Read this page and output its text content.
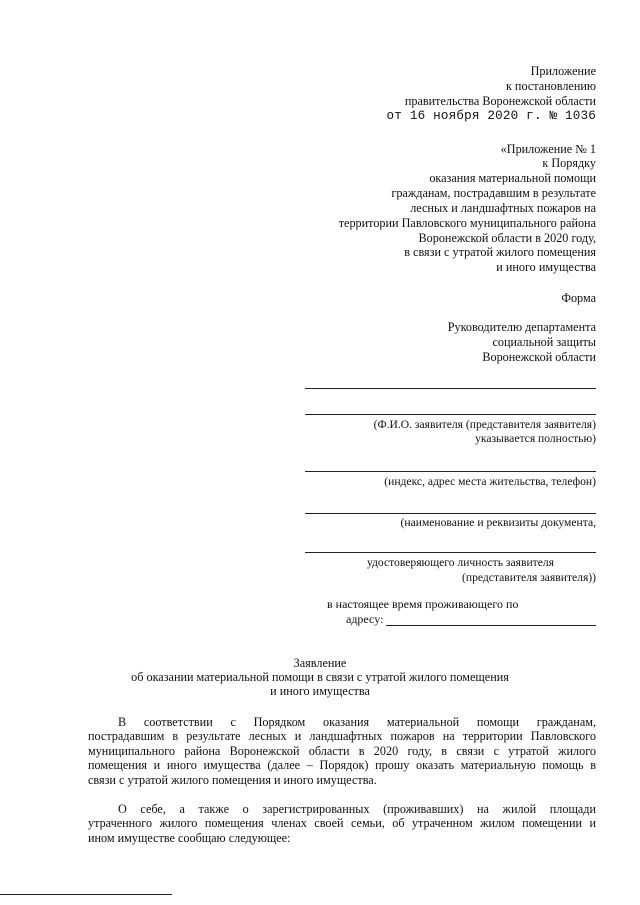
Приложение
к постановлению
правительства Воронежской области
от 16 ноября 2020 г. № 1036
«Приложение № 1
к Порядку
оказания материальной помощи
гражданам, пострадавшим в результате
лесных и ландшафтных пожаров на
территории Павловского муниципального района
Воронежской области в 2020 году,
в связи с утратой жилого помещения
и иного имущества
Форма
Руководителю департамента
социальной защиты
Воронежской области
(Ф.И.О. заявителя (представителя заявителя)
указывается полностью)
(индекс, адрес места жительства, телефон)
(наименование и реквизиты документа,
удостоверяющего личность заявителя
(представителя заявителя))
в настоящее время проживающего по
адресу:
Заявление
об оказании материальной помощи в связи с утратой жилого помещения
и иного имущества
В соответствии с Порядком оказания материальной помощи гражданам,
пострадавшим в результате лесных и ландшафтных пожаров на территории Павловского
муниципального района Воронежской области в 2020 году, в связи с утратой жилого
помещения и иного имущества (далее – Порядок) прошу оказать материальную помощь в
связи с утратой жилого помещения и иного имущества.
О себе, а также о зарегистрированных (проживавших) на жилой площади
утраченного жилого помещения членах своей семьи, об утраченном жилом помещении и
ином имуществе сообщаю следующее:
